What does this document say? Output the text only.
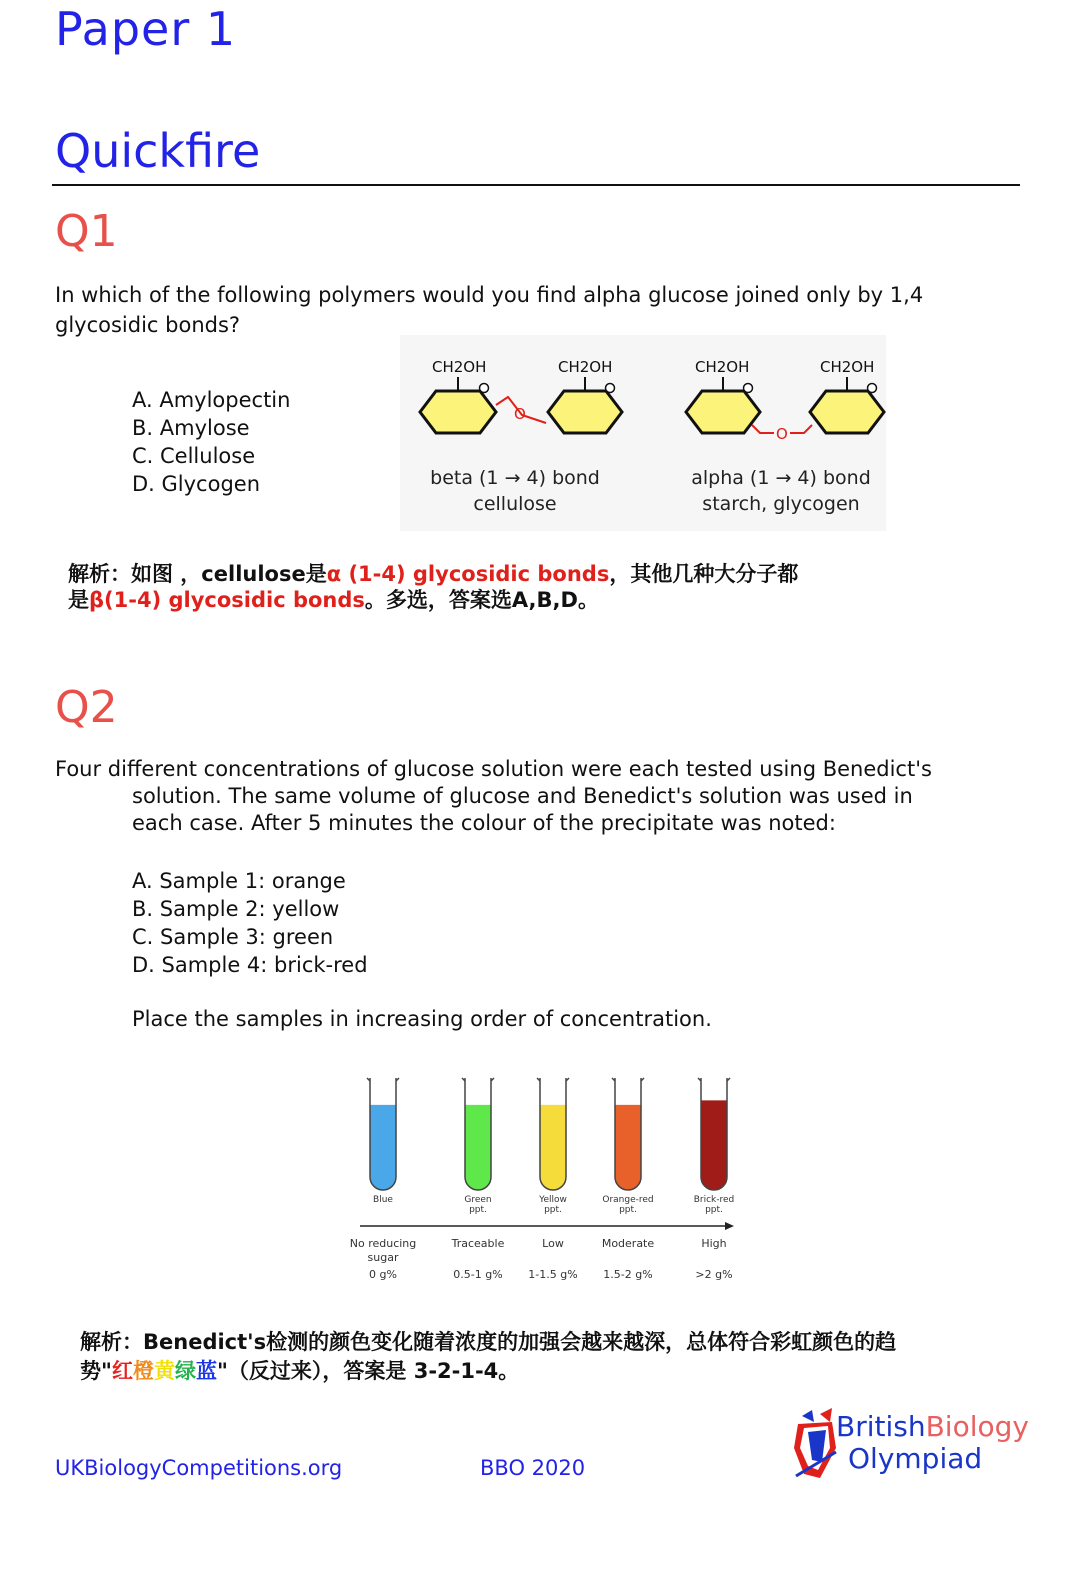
Paper 1
Quickfire
Q1
In which of the following polymers would you find alpha glucose joined only by 1,4
glycosidic bonds?
A. Amylopectin
B. Amylose
C. Cellulose
D. Glycogen
CH2OH	CH2OH
O
beta (1 → 4) bond
cellulose
CH2OH	CH2OH
O
alpha (1 → 4) bond
starch, glycogen
解析：如图 ，cellulose是α (1-4) glycosidic bonds，其他几种大分子都
是β(1-4) glycosidic bonds。多选，答案选A,B,D。
Q2
Four different concentrations of glucose solution were each tested using Benedict's
solution. The same volume of glucose and Benedict's solution was used in
each case. After 5 minutes the colour of the precipitate was noted:
A. Sample 1: orange
B. Sample 2: yellow
C. Sample 3: green
D. Sample 4: brick-red
Place the samples in increasing order of concentration.
Blue
No reducing
sugar
0 g%
Green
ppt.
Traceable
0.5-1 g%
Yellow
ppt.
Low
1-1.5 g%
Orange-red
ppt.
Moderate
1.5-2 g%
Brick-red
ppt.
High
>2 g%
解析：Benedict's检测的颜色变化随着浓度的加强会越来越深，总体符合彩虹颜色的趋
势"红橙黄绿蓝"（反过来），答案是 3-2-1-4。
UKBiologyCompetitions.org	BBO 2020
BritishBiology
Olympiad
